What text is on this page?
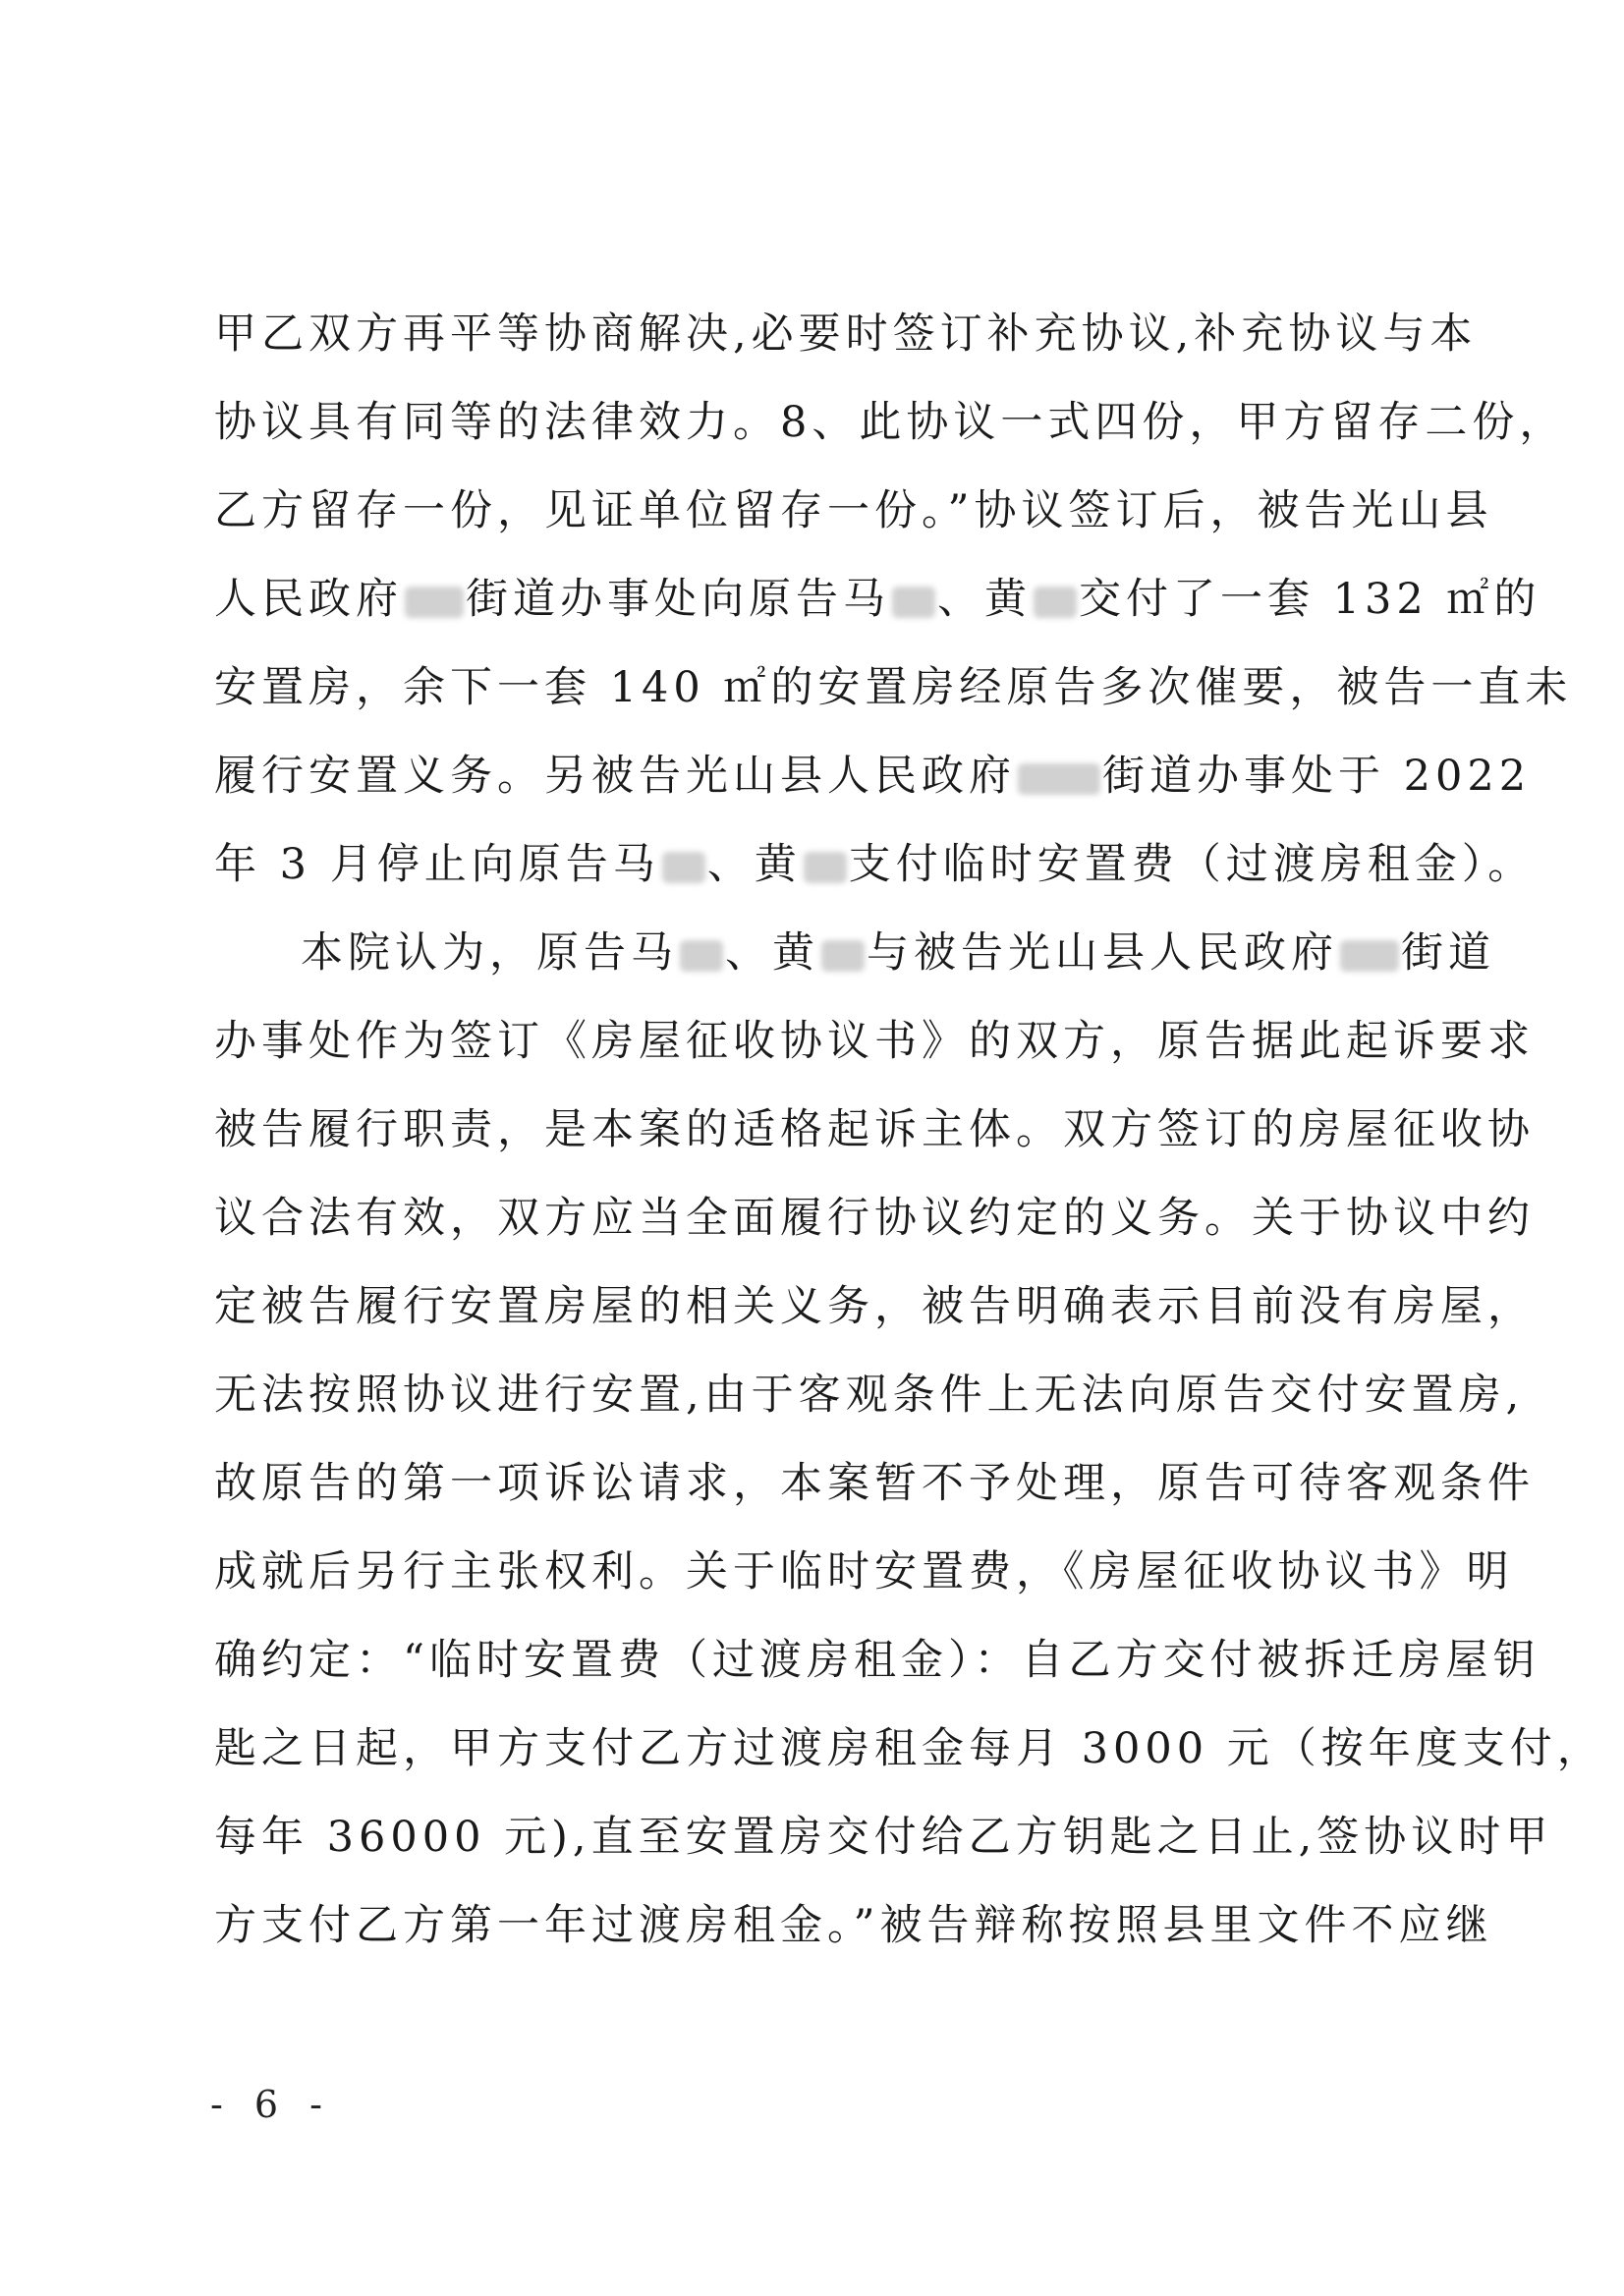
甲乙双方再平等协商解决,必要时签订补充协议,补充协议与本
协议具有同等的法律效力。8、此协议一式四份，甲方留存二份，
乙方留存一份，见证单位留存一份。”协议签订后，被告光山县
人民政府 街道办事处向原告马 、黄 交付了一套 132 ㎡的
安置房，余下一套 140 ㎡的安置房经原告多次催要，被告一直未
履行安置义务。另被告光山县人民政府 街道办事处于 2022
年 3 月停止向原告马 、黄 支付临时安置费（过渡房租金）。
本院认为，原告马 、黄 与被告光山县人民政府 街道
办事处作为签订《房屋征收协议书》的双方，原告据此起诉要求
被告履行职责，是本案的适格起诉主体。双方签订的房屋征收协
议合法有效，双方应当全面履行协议约定的义务。关于协议中约
定被告履行安置房屋的相关义务，被告明确表示目前没有房屋，
无法按照协议进行安置,由于客观条件上无法向原告交付安置房,
故原告的第一项诉讼请求，本案暂不予处理，原告可待客观条件
成就后另行主张权利。关于临时安置费，《房屋征收协议书》明
确约定：“临时安置费（过渡房租金）：自乙方交付被拆迁房屋钥
匙之日起，甲方支付乙方过渡房租金每月 3000 元（按年度支付，
每年 36000 元),直至安置房交付给乙方钥匙之日止,签协议时甲
方支付乙方第一年过渡房租金。”被告辩称按照县里文件不应继
- 6 -
